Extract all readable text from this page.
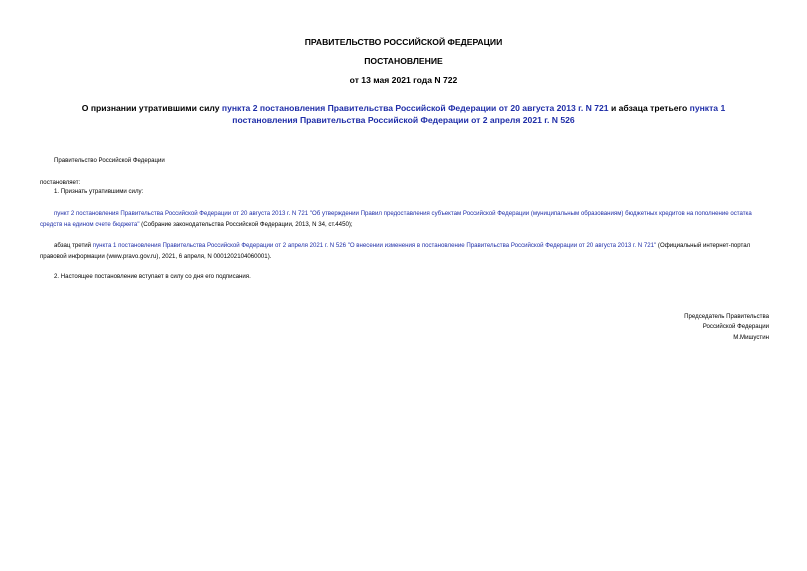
ПРАВИТЕЛЬСТВО РОССИЙСКОЙ ФЕДЕРАЦИИ
ПОСТАНОВЛЕНИЕ
от 13 мая 2021 года N 722
О признании утратившими силу пункта 2 постановления Правительства Российской Федерации от 20 августа 2013 г. N 721 и абзаца третьего пункта 1 постановления Правительства Российской Федерации от 2 апреля 2021 г. N 526
Правительство Российской Федерации
постановляет:
1. Признать утратившими силу:
пункт 2 постановления Правительства Российской Федерации от 20 августа 2013 г. N 721 "Об утверждении Правил предоставления субъектам Российской Федерации (муниципальным образованиям) бюджетных кредитов на пополнение остатка средств на едином счете бюджета" (Собрание законодательства Российской Федерации, 2013, N 34, ст.4450);
абзац третий пункта 1 постановления Правительства Российской Федерации от 2 апреля 2021 г. N 526 "О внесении изменения в постановление Правительства Российской Федерации от 20 августа 2013 г. N 721" (Официальный интернет-портал правовой информации (www.pravo.gov.ru), 2021, 6 апреля, N 0001202104060001).
2. Настоящее постановление вступает в силу со дня его подписания.
Председатель Правительства
Российской Федерации
М.Мишустин
